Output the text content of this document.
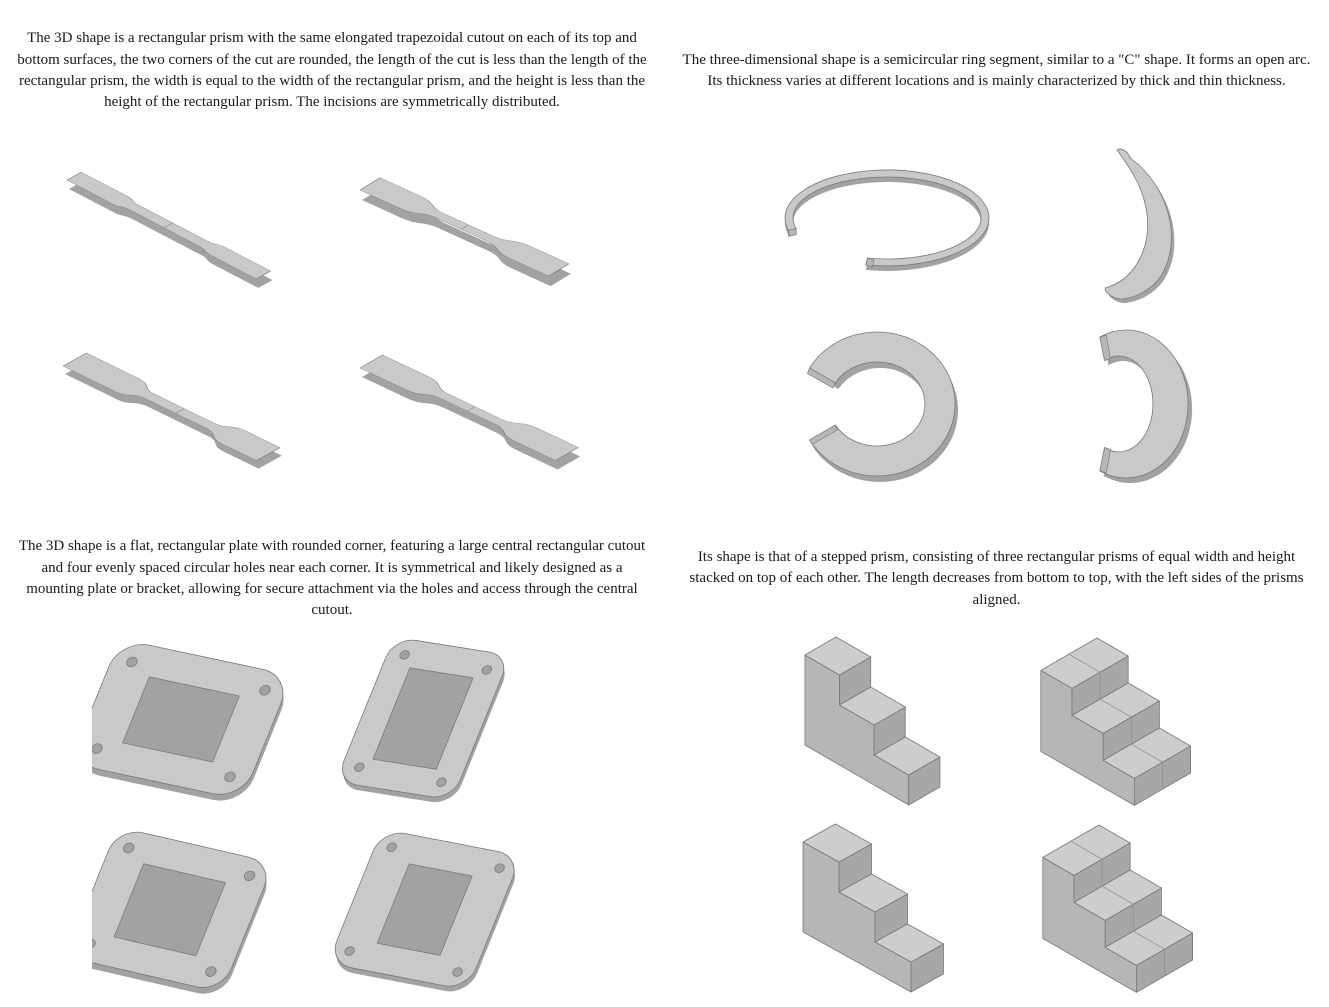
The 3D shape is a rectangular prism with the same elongated trapezoidal cutout on each of its top and bottom surfaces, the two corners of the cut are rounded, the length of the cut is less than the length of the rectangular prism, the width is equal to the width of the rectangular prism, and the height is less than the height of the rectangular prism. The incisions are symmetrically distributed.

The three-dimensional shape is a semicircular ring segment, similar to a "C" shape. It forms an open arc. Its thickness varies at different locations and is mainly characterized by thick and thin thickness.

The 3D shape is a flat, rectangular plate with rounded corner, featuring a large central rectangular cutout and four evenly spaced circular holes near each corner. It is symmetrical and likely designed as a mounting plate or bracket, allowing for secure attachment via the holes and access through the central cutout.

Its shape is that of a stepped prism, consisting of three rectangular prisms of equal width and height stacked on top of each other. The length decreases from bottom to top, with the left sides of the prisms aligned.
